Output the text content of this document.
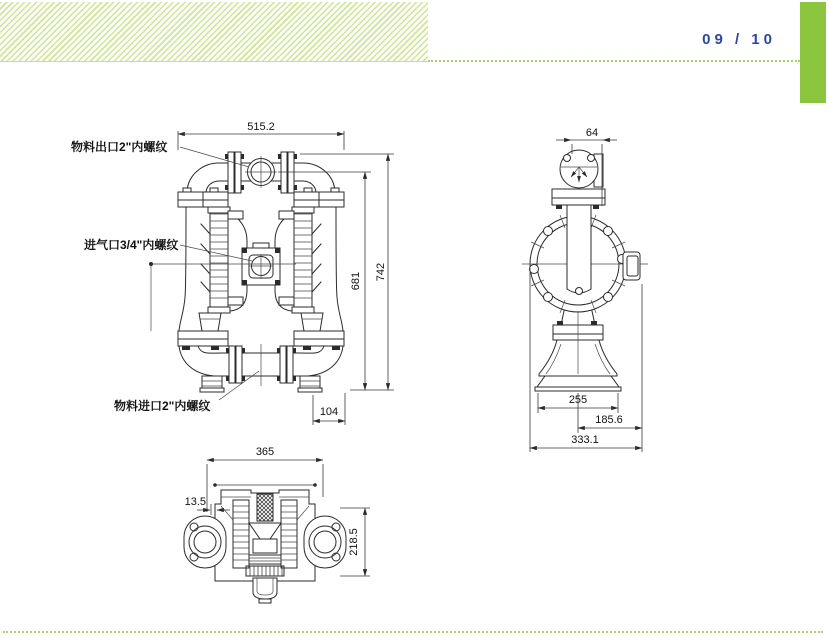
09 / 10
515.2
742
681
104
物料出口2"内螺纹
进气口3/4"内螺纹
物料进口2"内螺纹
64
255
185.6
333.1
365
13.5
218.5
